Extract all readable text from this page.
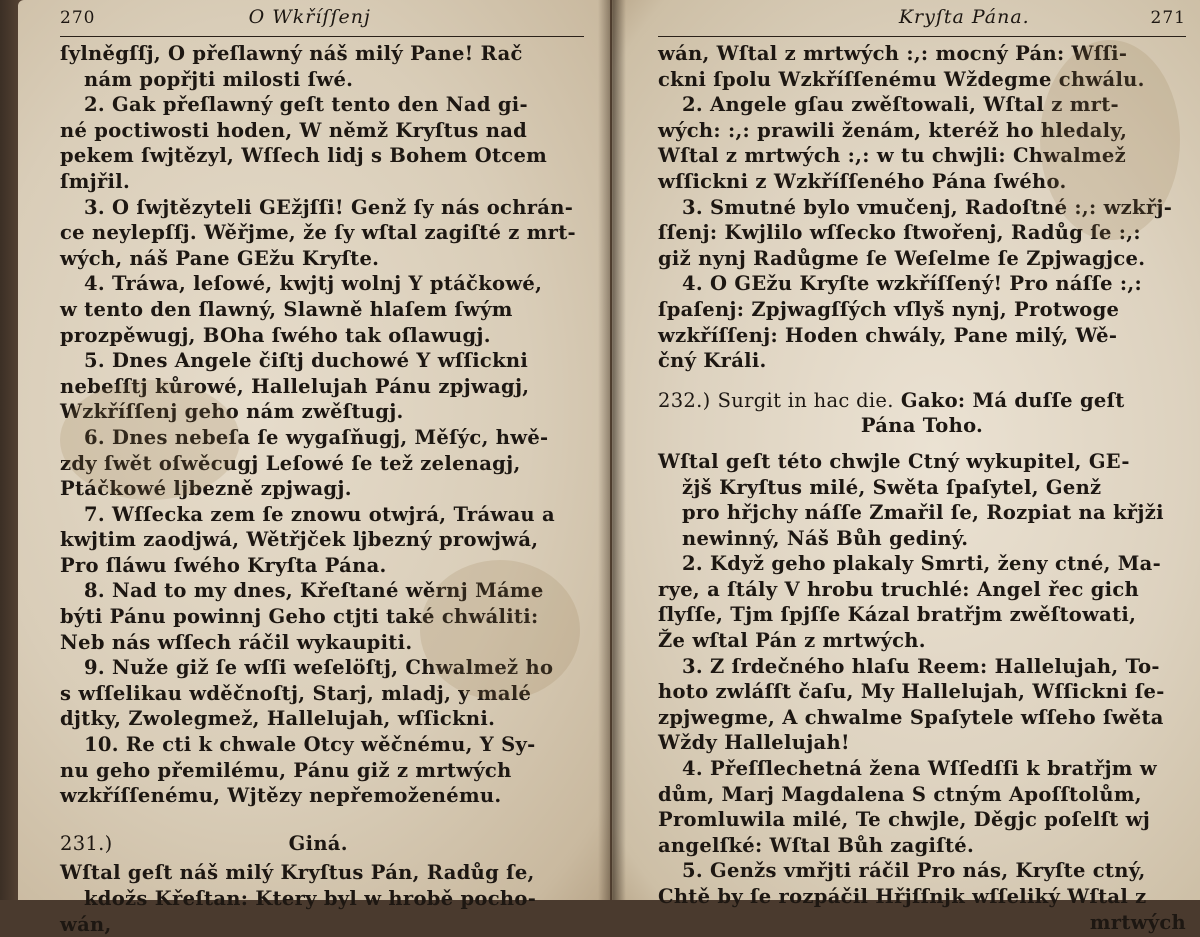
270	O Wkříſſenj
ſylněgſſj, O přeſlawný náš milý Pane! Rač
nám popřjti milosti ſwé.
2. Gak přeſlawný geſt tento den Nad gi-
né poctiwosti hoden, W němž Kryſtus nad
pekem ſwjtězyl, Wſſech lidj s Bohem Otcem
ſmjřil.
3. O ſwjtězyteli GEžjſſi! Genž ſy nás ochrán-
ce neylepſſj. Wěřjme, že ſy wſtal zagiſté z mrt-
wých, náš Pane GEžu Kryſte.
4. Tráwa, leſowé, kwjtj wolnj Y ptáčkowé,
w tento den ſlawný, Slawně hlaſem ſwým
prozpěwugj, BOha ſwého tak oſlawugj.
5. Dnes Angele čiſtj duchowé Y wſſickni
nebeſſtj kůrowé, Hallelujah Pánu zpjwagj,
Wzkříſſenj geho nám zwěſtugj.
6. Dnes nebeſa ſe wygaſňugj, Měſýc, hwě-
zdy ſwět oſwěcugj Leſowé ſe tež zelenagj,
Ptáčkowé ljbezně zpjwagj.
7. Wſſecka zem ſe znowu otwjrá, Tráwau a
kwjtim zaodjwá, Wětřjček ljbezný prowjwá,
Pro ſláwu ſwého Kryſta Pána.
8. Nad to my dnes, Křeſtané wěrnj Máme
býti Pánu powinnj Geho ctjti také chwáliti:
Neb nás wſſech ráčil wykaupiti.
9. Nuže giž ſe wſſi weſelöſtj, Chwalmež ho
s wſſelikau wděčnoſtj, Starj, mladj, y malé
djtky, Zwolegmež, Hallelujah, wſſickni.
10. Re cti k chwale Otcy wěčnému, Y Sy-
nu geho přemilému, Pánu giž z mrtwých
wzkříſſenému, Wjtězy nepřemoženému.
231.)	Giná.
Wſtal geſt náš milý Kryſtus Pán, Radůg ſe,
kdožs Křeſtan: Ktery byl w hrobě pocho-
wán,
Kryſta Pána.	271
wán, Wſtal z mrtwých :,: mocný Pán: Wſſi-
ckni ſpolu Wzkříſſenému Wždegme chwálu.
2. Angele gſau zwěſtowali, Wſtal z mrt-
wých: :,: prawili ženám, kteréž ho hledaly,
Wſtal z mrtwých :,: w tu chwjli: Chwalmež
wſſickni z Wzkříſſeného Pána ſwého.
3. Smutné bylo vmučenj, Radoſtné :,: wzkřj-
ſſenj: Kwjlilo wſſecko ſtwořenj, Radůg ſe :,:
giž nynj Radůgme ſe Weſelme ſe Zpjwagjce.
4. O GEžu Kryſte wzkříſſený! Pro náſſe :,:
ſpaſenj: Zpjwagſſých vſlyš nynj, Protwoge
wzkříſſenj: Hoden chwály, Pane milý, Wě-
čný Králi.
232.) Surgit in hac die. Gako: Má duſſe geſt
Pána Toho.
Wſtal geſt této chwjle Ctný wykupitel, GE-
žjš Kryſtus milé, Swěta ſpaſytel, Genž
pro hřjchy náſſe Zmařil ſe, Rozpiat na křjži
newinný, Náš Bůh gediný.
2. Když geho plakaly Smrti, ženy ctné, Ma-
rye, a ſtály V hrobu truchlé: Angel řec gich
ſlyſſe, Tjm ſpjſſe Kázal bratřjm zwěſtowati,
Že wſtal Pán z mrtwých.
3. Z ſrdečného hlaſu Reem: Hallelujah, To-
hoto zwláſſt čaſu, My Hallelujah, Wſſickni ſe-
zpjwegme, A chwalme Spaſytele wſſeho ſwěta
Wždy Hallelujah!
4. Přeſſlechetná žena Wſſedſſi k bratřjm w
dům, Marj Magdalena S ctným Apoſſtolům,
Promluwila milé, Te chwjle, Děgjc poſelſt wj
angelſké: Wſtal Bůh zagiſté.
5. Genžs vmřjti ráčil Pro nás, Kryſte ctný,
Chtě by ſe rozpáčil Hřjſſnjk wſſeliký Wſtal z
mrtwých
